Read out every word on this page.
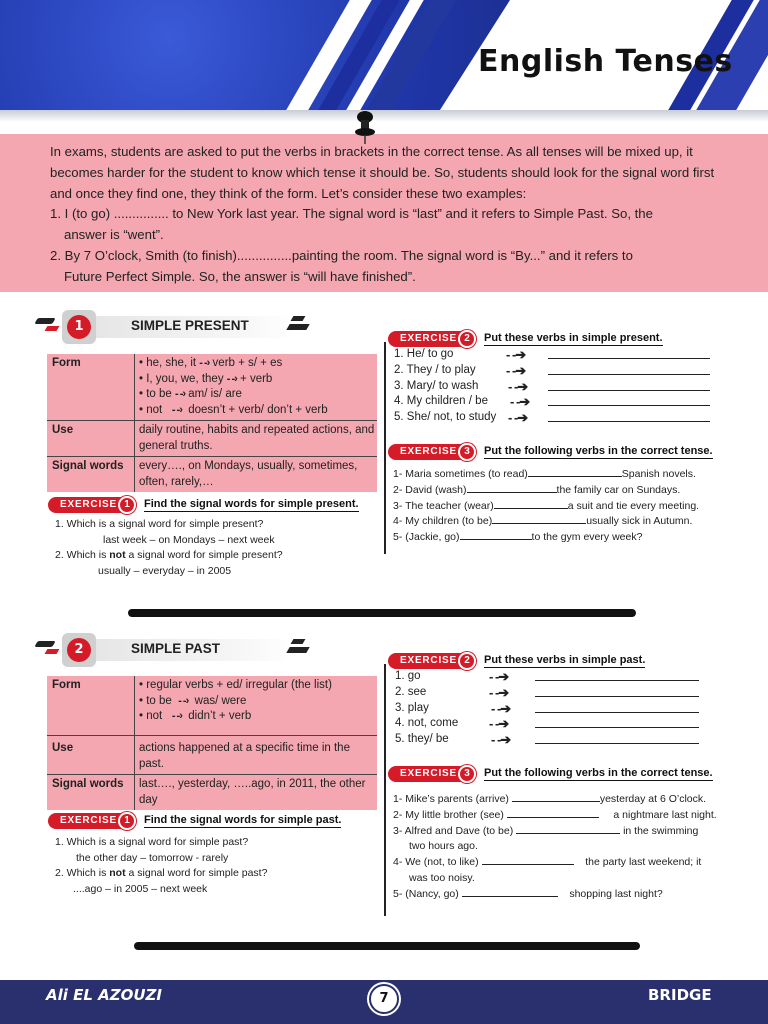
English Tenses

In exams, students are asked to put the verbs in brackets in the correct tense. As all tenses will be mixed up, it becomes harder for the student to know which tense it should be. So, students should look for the signal word first and once they find one, they think of the form. Let’s consider these two examples:

1. I (to go) ............... to New York last year. The signal word is “last” and it refers to Simple Past. So, the

answer is “went”.

2. By 7 O’clock, Smith (to finish)...............painting the room. The signal word is “By...” and it refers to

Future Perfect Simple. So, the answer is “will have finished”.

1	SIMPLE PRESENT
Form	• he, she, it - -› verb + s/ + es
• I, you, we, they - -› + verb
• to be - -› am/ is/ are
• not - -› doesn’t + verb/ don’t + verb
Use	daily routine, habits and repeated actions, and general truths.
Signal words	every…., on Mondays, usually, sometimes, often, rarely,…
EXERCISE 1	Find the signal words for simple present.
1. Which is a signal word for simple present?
last week – on Mondays – next week
2. Which is not a signal word for simple present?
usually – everyday – in 2005
EXERCISE 2	Put these verbs in simple present.
1. He/ to go	‐ ‐➔
2. They / to play ‐ ‐➔
3. Mary/ to wash ‐ ‐➔
4. My children / be ‐ ‐➔
5. She/ not, to study ‐ ‐➔
EXERCISE 3	Put the following verbs in the correct tense.
1- Maria sometimes (to read)	Spanish novels.
2- David (wash)	the family car on Sundays.
3- The teacher (wear)	a suit and tie every meeting.
4- My children (to be)	usually sick in Autumn.
5- (Jackie, go)	to the gym every week?
2	SIMPLE PAST
Form	• regular verbs + ed/ irregular (the list)
• to be - -› was/ were
• not - -› didn’t + verb
Use	actions happened at a specific time in the past.
Signal words	last…., yesterday, …..ago, in 2011, the other day
EXERCISE 1	Find the signal words for simple past.
1. Which is a signal word for simple past?
the other day – tomorrow - rarely
2. Which is not a signal word for simple past?
....ago – in 2005 – next week
EXERCISE 2	Put these verbs in simple past.
1. go	‐ ‐➔
2. see	‐ ‐➔
3. play	‐ ‐➔
4. not, come ‐ ‐➔
5. they/ be	‐ ‐➔
EXERCISE 3	Put the following verbs in the correct tense.
1- Mike’s parents (arrive)	yesterday at 6 O’clock.
2- My little brother (see)	a nightmare last night.
3- Alfred and Dave (to be)	in the swimming
two hours ago.
4- We (not, to like)	the party last weekend; it
was too noisy.
5- (Nancy, go)	shopping last night?
Ali EL AZOUZI	7	BRIDGE
